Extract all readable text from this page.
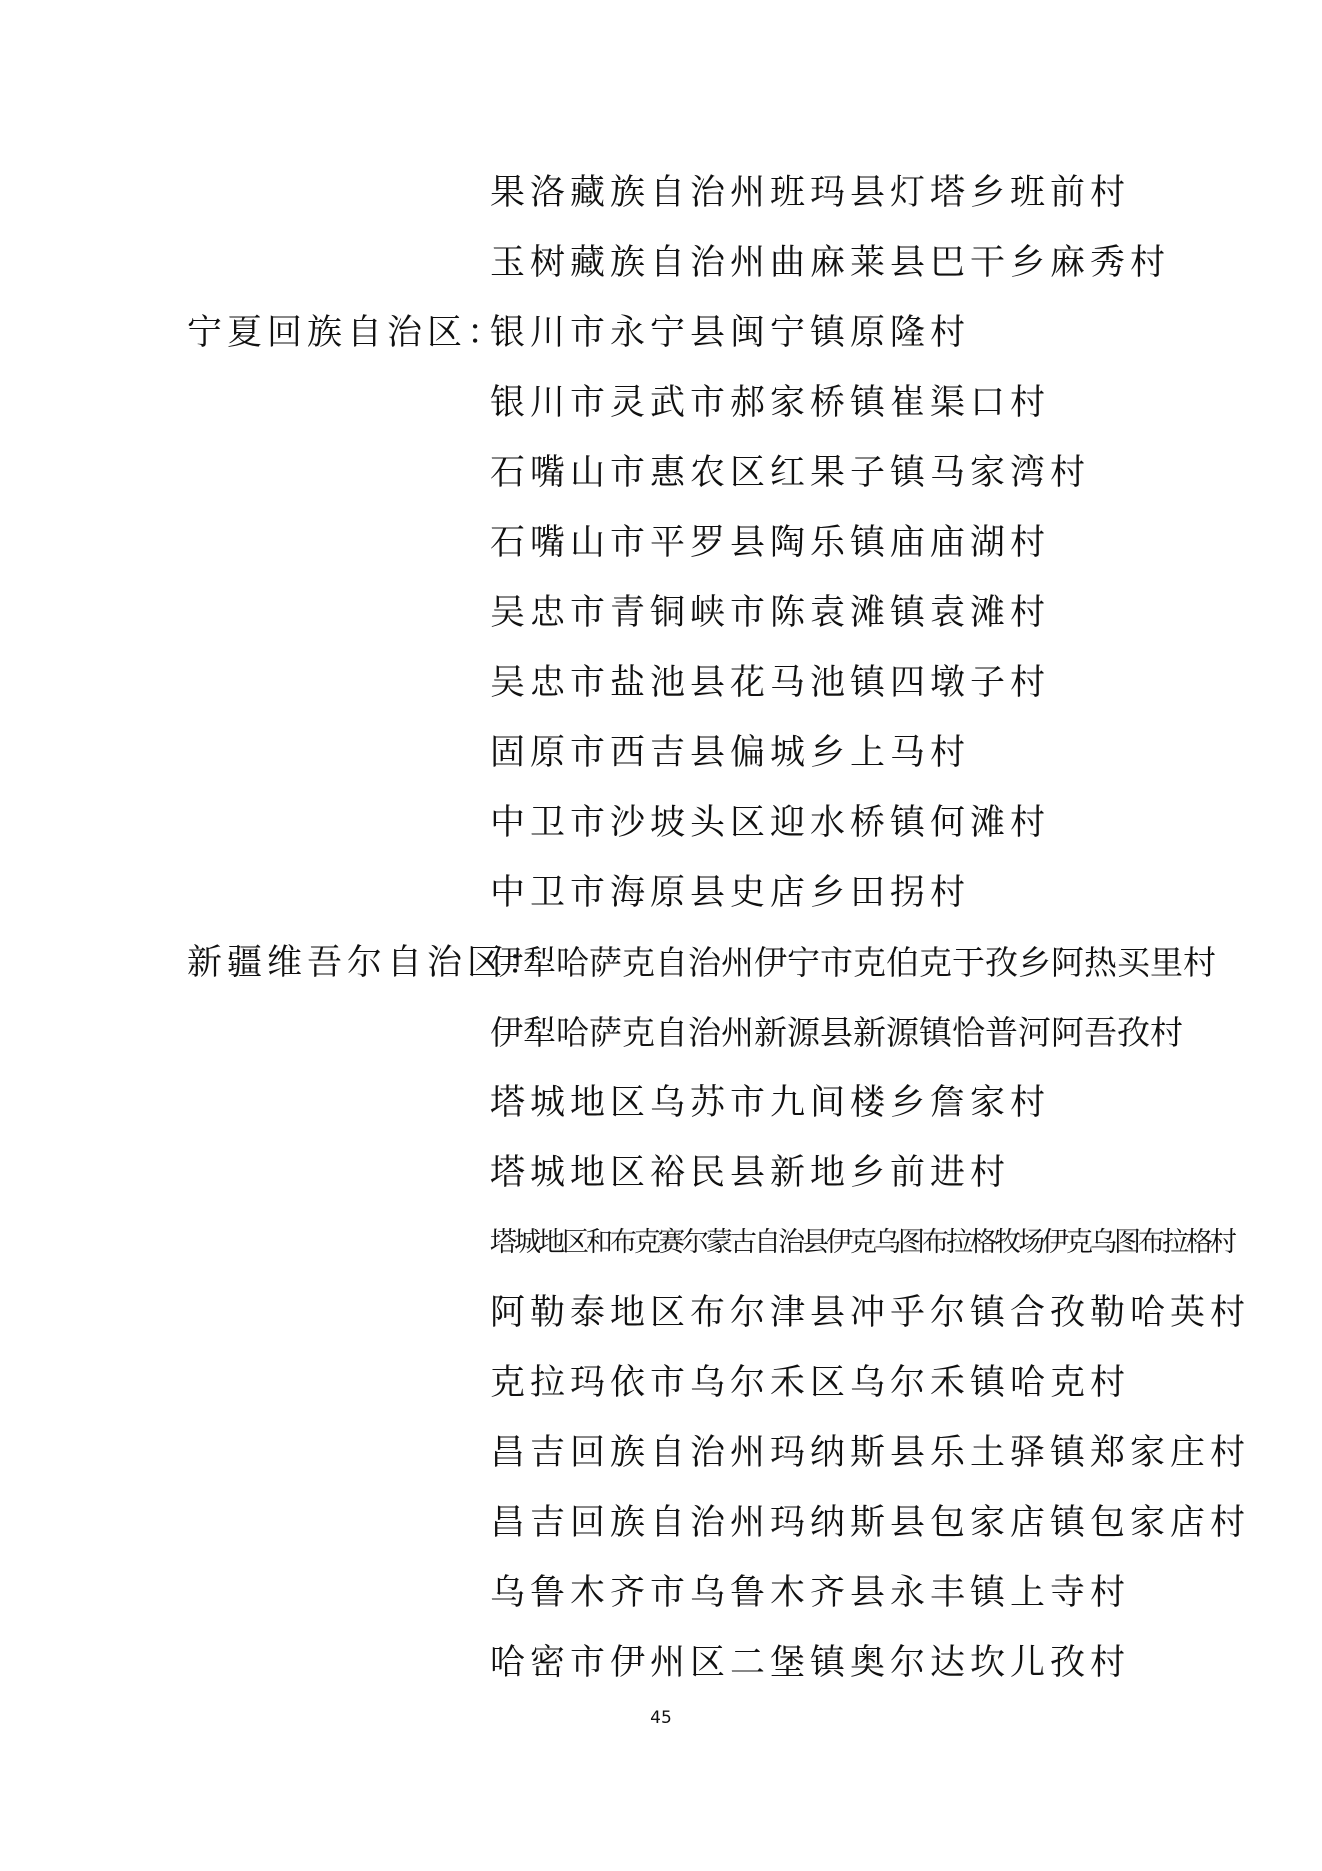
果洛藏族自治州班玛县灯塔乡班前村
玉树藏族自治州曲麻莱县巴干乡麻秀村
宁夏回族自治区：
银川市永宁县闽宁镇原隆村
银川市灵武市郝家桥镇崔渠口村
石嘴山市惠农区红果子镇马家湾村
石嘴山市平罗县陶乐镇庙庙湖村
吴忠市青铜峡市陈袁滩镇袁滩村
吴忠市盐池县花马池镇四墩子村
固原市西吉县偏城乡上马村
中卫市沙坡头区迎水桥镇何滩村
中卫市海原县史店乡田拐村
新疆维吾尔自治区：
伊犁哈萨克自治州伊宁市克伯克于孜乡阿热买里村
伊犁哈萨克自治州新源县新源镇恰普河阿吾孜村
塔城地区乌苏市九间楼乡詹家村
塔城地区裕民县新地乡前进村
塔城地区和布克赛尔蒙古自治县伊克乌图布拉格牧场伊克乌图布拉格村
阿勒泰地区布尔津县冲乎尔镇合孜勒哈英村
克拉玛依市乌尔禾区乌尔禾镇哈克村
昌吉回族自治州玛纳斯县乐土驿镇郑家庄村
昌吉回族自治州玛纳斯县包家店镇包家店村
乌鲁木齐市乌鲁木齐县永丰镇上寺村
哈密市伊州区二堡镇奥尔达坎儿孜村
45
